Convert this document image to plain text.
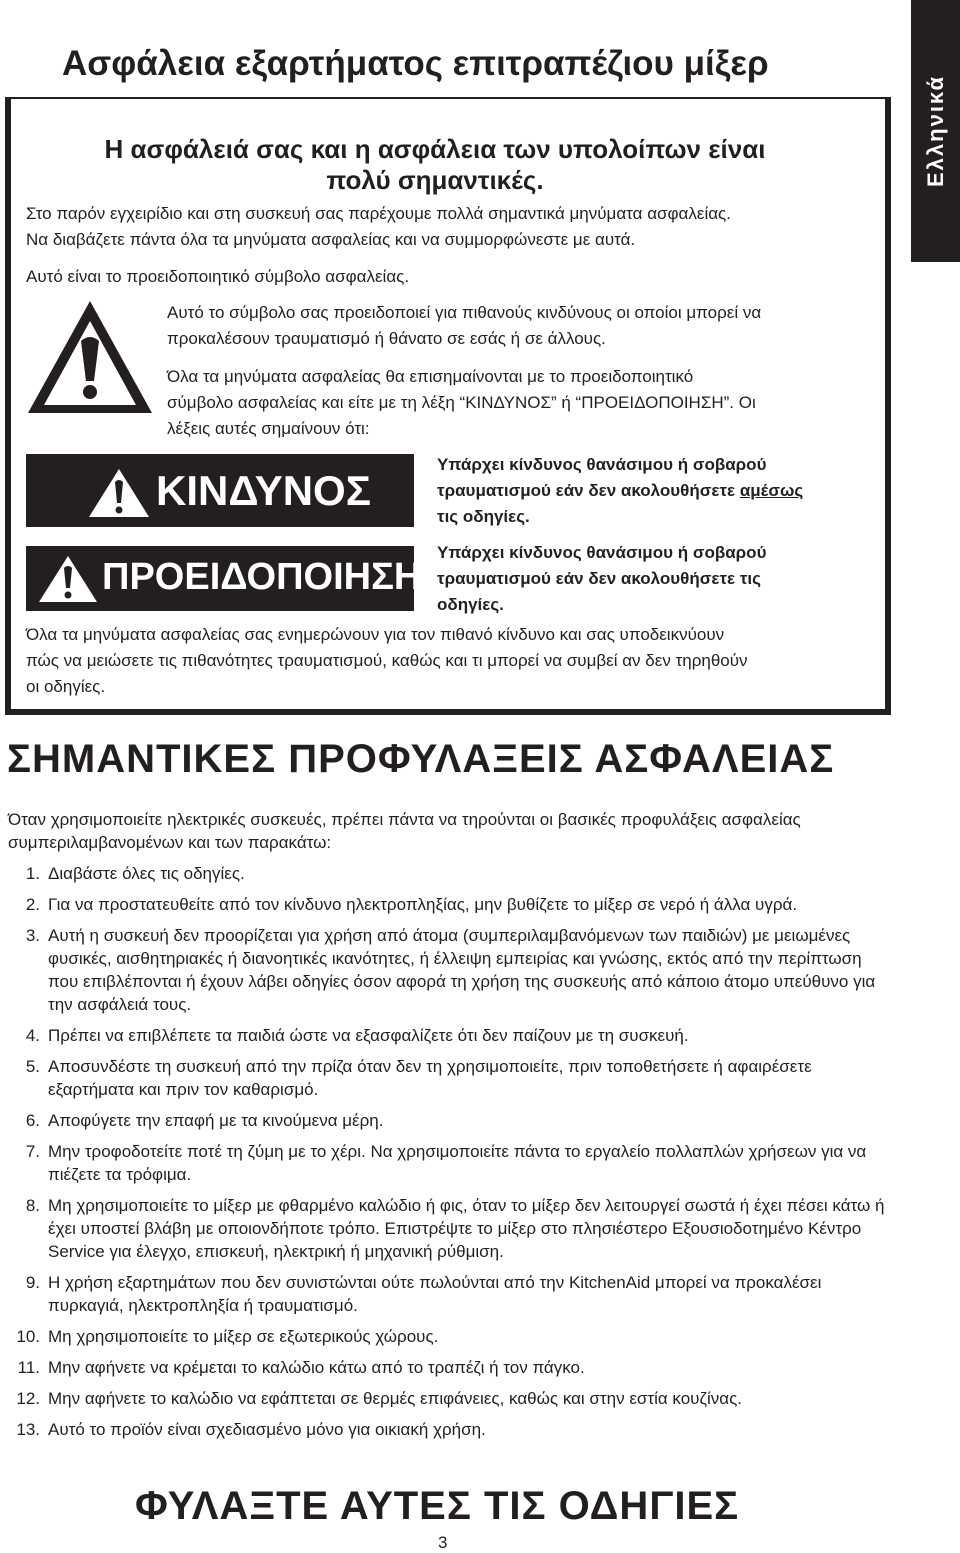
Ασφάλεια εξαρτήματος επιτραπέζιου μίξερ
Ελληνικά
Η ασφάλειά σας και η ασφάλεια των υπολοίπων είναι
πολύ σημαντικές.
Στο παρόν εγχειρίδιο και στη συσκευή σας παρέχουμε πολλά σημαντικά μηνύματα ασφαλείας.
Να διαβάζετε πάντα όλα τα μηνύματα ασφαλείας και να συμμορφώνεστε με αυτά.
Αυτό είναι το προειδοποιητικό σύμβολο ασφαλείας.
Αυτό το σύμβολο σας προειδοποιεί για πιθανούς κινδύνους οι οποίοι μπορεί να
προκαλέσουν τραυματισμό ή θάνατο σε εσάς ή σε άλλους.
Όλα τα μηνύματα ασφαλείας θα επισημαίνονται με το προειδοποιητικό
σύμβολο ασφαλείας και είτε με τη λέξη “ΚΙΝΔΥΝΟΣ” ή “ΠΡΟΕΙΔΟΠΟΙΗΣΗ”. Οι
λέξεις αυτές σημαίνουν ότι:
ΚΙΝΔΥΝΟΣ
ΠΡΟΕΙΔΟΠΟΙΗΣΗ
Υπάρχει κίνδυνος θανάσιμου ή σοβαρού
τραυματισμού εάν δεν ακολουθήσετε αμέσως
τις οδηγίες.
Υπάρχει κίνδυνος θανάσιμου ή σοβαρού
τραυματισμού εάν δεν ακολουθήσετε τις
οδηγίες.
Όλα τα μηνύματα ασφαλείας σας ενημερώνουν για τον πιθανό κίνδυνο και σας υποδεικνύουν
πώς να μειώσετε τις πιθανότητες τραυματισμού, καθώς και τι μπορεί να συμβεί αν δεν τηρηθούν
οι οδηγίες.
ΣΗΜΑΝΤΙΚΕΣ ΠΡΟΦΥΛΑΞΕΙΣ ΑΣΦΑΛΕΙΑΣ
Όταν χρησιμοποιείτε ηλεκτρικές συσκευές, πρέπει πάντα να τηρούνται οι βασικές προφυλάξεις ασφαλείας συμπεριλαμβανομένων και των παρακάτω:
1. Διαβάστε όλες τις οδηγίες.
2. Για να προστατευθείτε από τον κίνδυνο ηλεκτροπληξίας, μην βυθίζετε το μίξερ σε νερό ή άλλα υγρά.
3. Αυτή η συσκευή δεν προορίζεται για χρήση από άτομα (συμπεριλαμβανόμενων των παιδιών) με μειωμένες φυσικές, αισθητηριακές ή διανοητικές ικανότητες, ή έλλειψη εμπειρίας και γνώσης, εκτός από την περίπτωση που επιβλέπονται ή έχουν λάβει οδηγίες όσον αφορά τη χρήση της συσκευής από κάποιο άτομο υπεύθυνο για την ασφάλειά τους.
4. Πρέπει να επιβλέπετε τα παιδιά ώστε να εξασφαλίζετε ότι δεν παίζουν με τη συσκευή.
5. Αποσυνδέστε τη συσκευή από την πρίζα όταν δεν τη χρησιμοποιείτε, πριν τοποθετήσετε ή αφαιρέσετε εξαρτήματα και πριν τον καθαρισμό.
6. Αποφύγετε την επαφή με τα κινούμενα μέρη.
7. Μην τροφοδοτείτε ποτέ τη ζύμη με το χέρι. Να χρησιμοποιείτε πάντα το εργαλείο πολλαπλών χρήσεων για να πιέζετε τα τρόφιμα.
8. Μη χρησιμοποιείτε το μίξερ με φθαρμένο καλώδιο ή φις, όταν το μίξερ δεν λειτουργεί σωστά ή έχει πέσει κάτω ή έχει υποστεί βλάβη με οποιονδήποτε τρόπο. Επιστρέψτε το μίξερ στο πλησιέστερο Εξουσιοδοτημένο Κέντρο Service για έλεγχο, επισκευή, ηλεκτρική ή μηχανική ρύθμιση.
9. Η χρήση εξαρτημάτων που δεν συνιστώνται ούτε πωλούνται από την KitchenAid μπορεί να προκαλέσει πυρκαγιά, ηλεκτροπληξία ή τραυματισμό.
10. Μη χρησιμοποιείτε το μίξερ σε εξωτερικούς χώρους.
11. Μην αφήνετε να κρέμεται το καλώδιο κάτω από το τραπέζι ή τον πάγκο.
12. Μην αφήνετε το καλώδιο να εφάπτεται σε θερμές επιφάνειες, καθώς και στην εστία κουζίνας.
13. Αυτό το προϊόν είναι σχεδιασμένο μόνο για οικιακή χρήση.
ΦΥΛΑΞΤΕ ΑΥΤΕΣ ΤΙΣ ΟΔΗΓΙΕΣ
3
